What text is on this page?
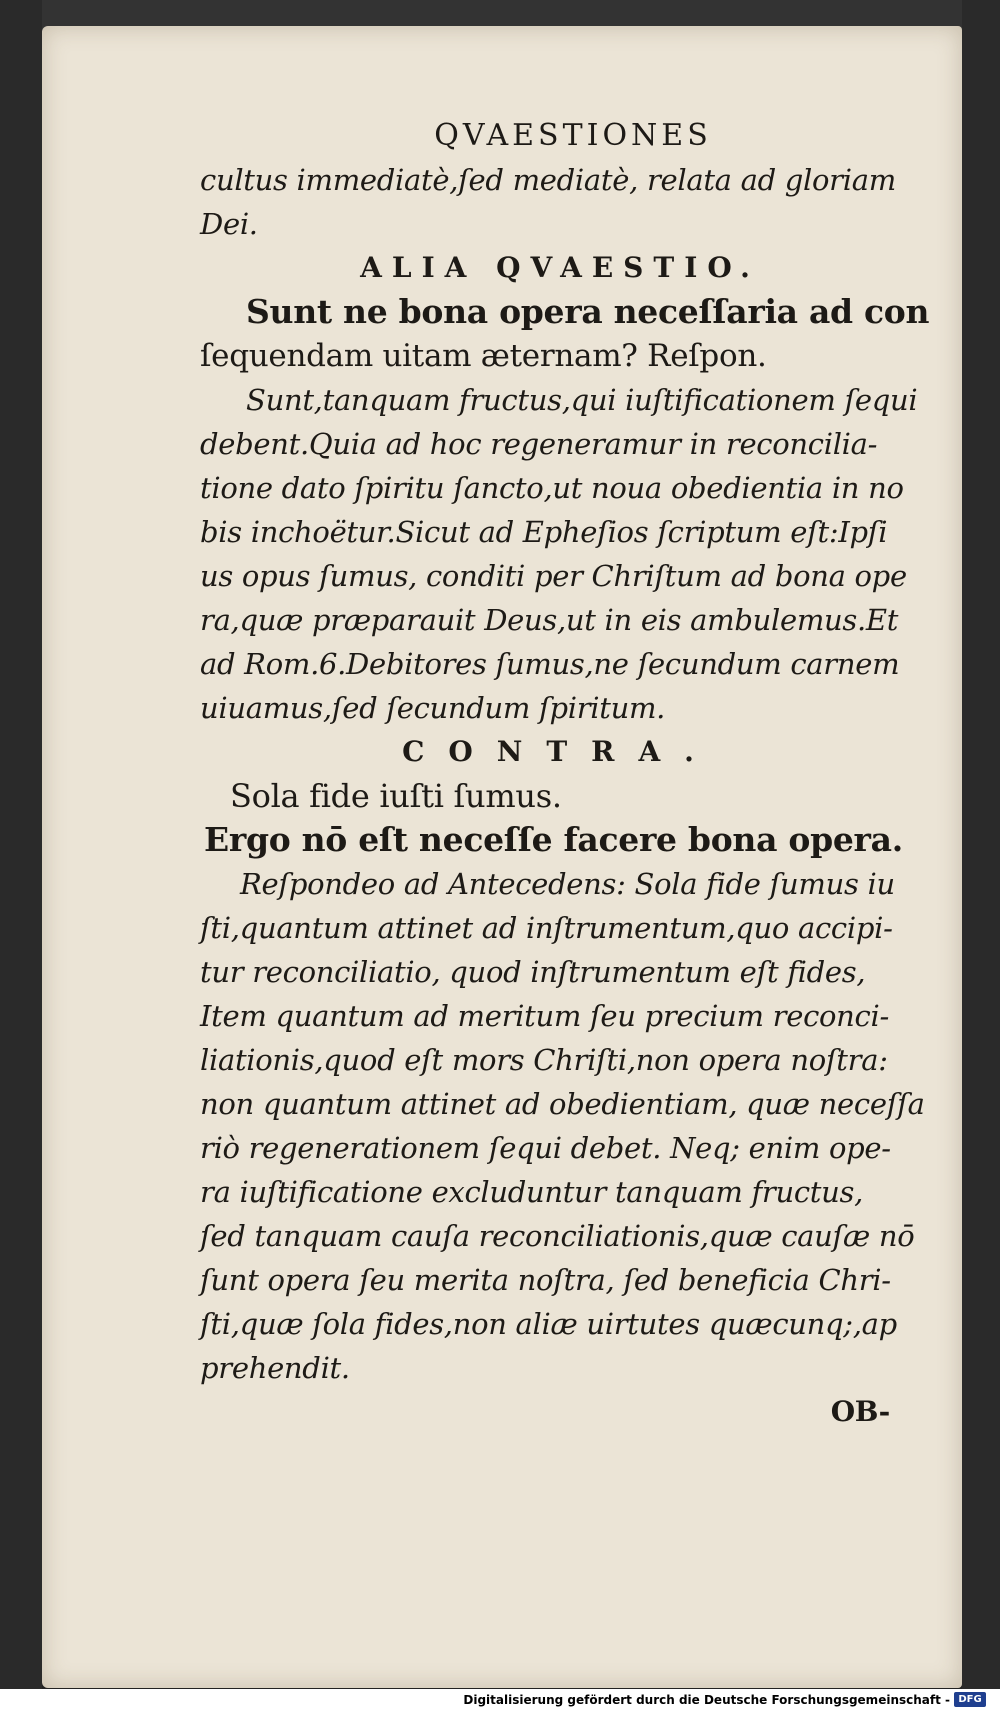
QVAESTIONES

cultus immediatè,ſed mediatè, relata ad gloriam

Dei.

ALIA QVAESTIO.

Sunt ne bona opera neceſſaria ad con

ſequendam uitam æternam? Reſpon.

Sunt,tanquam fructus,qui iuſtificationem ſequi

debent.Quia ad hoc regeneramur in reconcilia-

tione dato ſpiritu ſancto,ut noua obedientia in no

bis inchoëtur.Sicut ad Epheſios ſcriptum eſt:Ipſi

us opus ſumus, conditi per Chriſtum ad bona ope

ra,quæ præparauit Deus,ut in eis ambulemus.Et

ad Rom.6.Debitores ſumus,ne ſecundum carnem

uiuamus,ſed ſecundum ſpiritum.

CONTRA.

Sola fide iuſti ſumus.

Ergo nō eſt neceſſe facere bona opera.

Reſpondeo ad Antecedens: Sola fide ſumus iu

ſti,quantum attinet ad inſtrumentum,quo accipi-

tur reconciliatio, quod inſtrumentum eſt fides,

Item quantum ad meritum ſeu precium reconci-

liationis,quod eſt mors Chriſti,non opera noſtra:

non quantum attinet ad obedientiam, quæ neceſſa

riò regenerationem ſequi debet. Neq; enim ope-

ra iuſtificatione excluduntur tanquam fructus,

ſed tanquam cauſa reconciliationis,quæ cauſæ nō

ſunt opera ſeu merita noſtra, ſed beneficia Chri-

ſti,quæ ſola fides,non aliæ uirtutes quæcunq;,ap

prehendit.

OB-

Digitalisierung gefördert durch die Deutsche Forschungsgemeinschaft - DFG
